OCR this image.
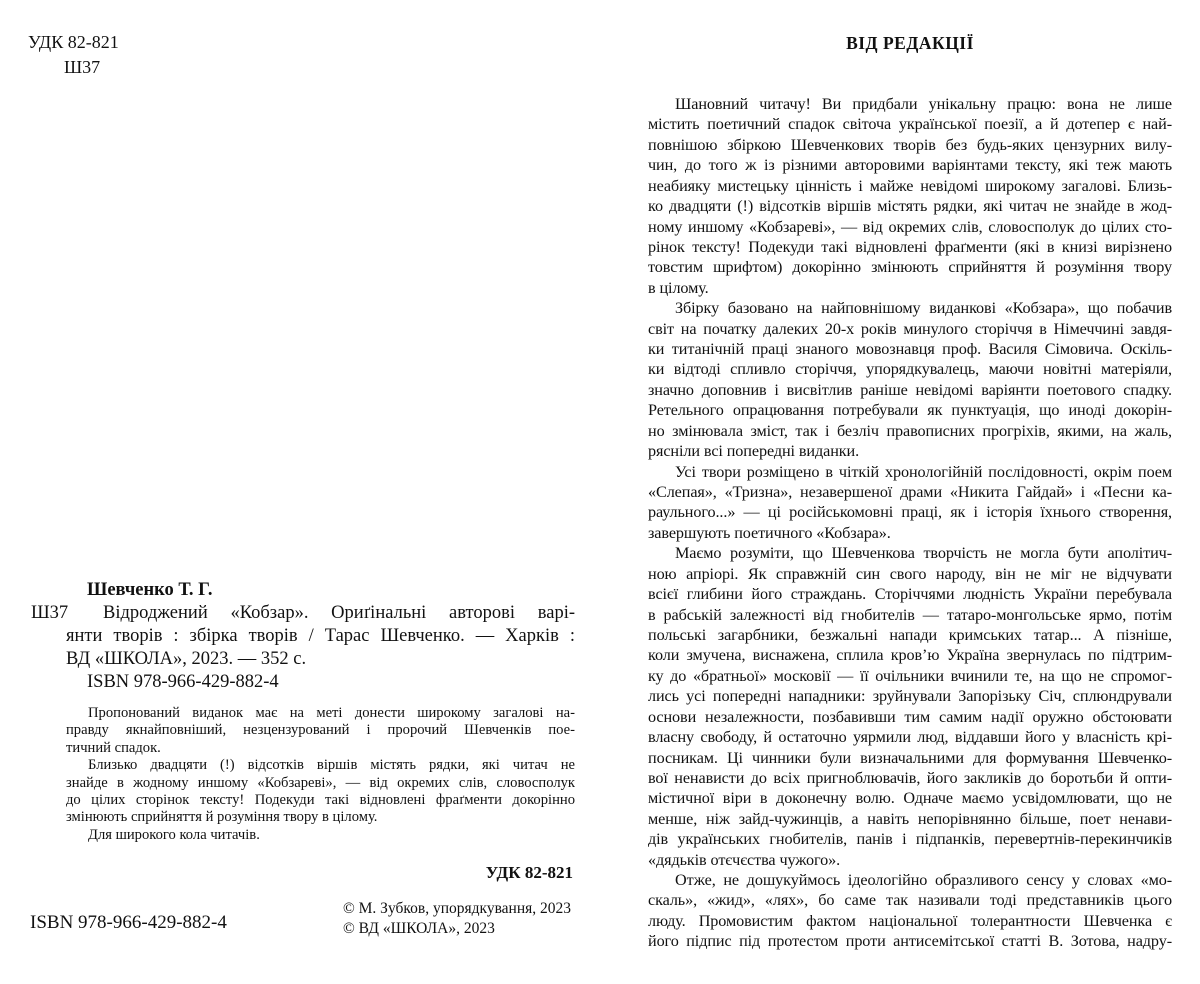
УДК 82-821
Ш37
Шевченко Т. Г.
Ш37 Відроджений «Кобзар». Ориґінальні авторові варі-
янти творів : збірка творів / Тарас Шевченко. — Харків :
ВД «ШКОЛА», 2023. — 352 с.
ISBN 978-966-429-882-4
Пропонований виданок має на меті донести широкому загалові на-
правду якнайповніший, незцензурований і пророчий Шевченків пое-
тичний спадок.
Близько двадцяти (!) відсотків віршів містять рядки, які читач не
знайде в жодному иншому «Кобзареві», — від окремих слів, словосполук
до цілих сторінок тексту! Подекуди такі відновлені фраґменти докорінно
змінюють сприйняття й розуміння твору в цілому.
Для широкого кола читачів.
УДК 82-821
© М. Зубков, упорядкування, 2023
© ВД «ШКОЛА», 2023
ISBN 978-966-429-882-4
ВІД РЕДАКЦІЇ
Шановний читачу! Ви придбали унікальну працю: вона не лише
містить поетичний спадок світоча української поезії, а й дотепер є най-
повнішою збіркою Шевченкових творів без будь-яких цензурних вилу-
чин, до того ж із різними авторовими варіянтами тексту, які теж мають
неабияку мистецьку цінність і майже невідомі широкому загалові. Близь-
ко двадцяти (!) відсотків віршів містять рядки, які читач не знайде в жод-
ному иншому «Кобзареві», — від окремих слів, словосполук до цілих сто-
рінок тексту! Подекуди такі відновлені фраґменти (які в книзі вирізнено
товстим шрифтом) докорінно змінюють сприйняття й розуміння твору
в цілому.
Збірку базовано на найповнішому виданкові «Кобзара», що побачив
світ на початку далеких 20-х років минулого сторіччя в Німеччині завдя-
ки титанічній праці знаного мовознавця проф. Василя Сімовича. Оскіль-
ки відтоді спливло сторіччя, упорядкувалець, маючи новітні матеріяли,
значно доповнив і висвітлив раніше невідомі варіянти поетового спадку.
Ретельного опрацювання потребували як пунктуація, що иноді докорін-
но змінювала зміст, так і безліч правописних прогріхів, якими, на жаль,
рясніли всі попередні виданки.
Усі твори розміщено в чіткій хронологійній послідовності, окрім поем
«Слепая», «Тризна», незавершеної драми «Никита Гайдай» і «Песни ка-
раульного...» — ці російськомовні праці, як і історія їхнього створення,
завершують поетичного «Кобзара».
Маємо розуміти, що Шевченкова творчість не могла бути аполітич-
ною апріорі. Як справжній син свого народу, він не міг не відчувати
всієї глибини його страждань. Сторіччями людність України перебувала
в рабській залежності від гнобителів — татаро-монгольське ярмо, потім
польські загарбники, безжальні напади кримських татар... А пізніше,
коли змучена, виснажена, сплила кров’ю Україна звернулась по підтрим-
ку до «братньої» московії — її очільники вчинили те, на що не спромог-
лись усі попередні нападники: зруйнували Запорізьку Січ, сплюндрували
основи незалежности, позбавивши тим самим надії оружно обстоювати
власну свободу, й остаточно уярмили люд, віддавши його у власність крі-
посникам. Ці чинники були визначальними для формування Шевченко-
вої ненависти до всіх пригноблювачів, його закликів до боротьби й опти-
містичної віри в доконечну волю. Одначе маємо усвідомлювати, що не
менше, ніж зайд-чужинців, а навіть непорівнянно більше, поет ненави-
дів українських гнобителів, панів і підпанків, перевертнів-перекинчиків
«дядьків отєчєства чужого».
Отже, не дошукуймось ідеологійно образливого сенсу у словах «мо-
скаль», «жид», «лях», бо саме так називали тоді представників цього
люду. Промовистим фактом національної толерантности Шевченка є
його підпис під протестом проти антисемітської статті В. Зотова, надру-
